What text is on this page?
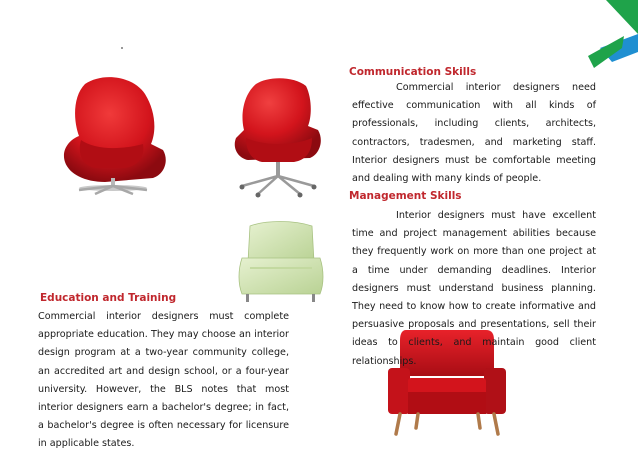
Communication Skills

Commercial interior designers need effective communication with all kinds of professionals, including clients, architects, contractors, tradesmen, and marketing staff. Interior designers must be comfortable meeting and dealing with many kinds of people.

Management Skills

Interior designers must have excellent time and project management abilities because they frequently work on more than one project at a time under demanding deadlines. Interior designers must understand business planning. They need to know how to create informative and persuasive proposals and presentations, sell their ideas to clients, and maintain good client relationships.

Education and Training

Commercial interior designers must complete appropriate education. They may choose an interior design program at a two-year community college, an accredited art and design school, or a four-year university. However, the BLS notes that most interior designers earn a bachelor's degree; in fact, a bachelor's degree is often necessary for licensure in applicable states.
